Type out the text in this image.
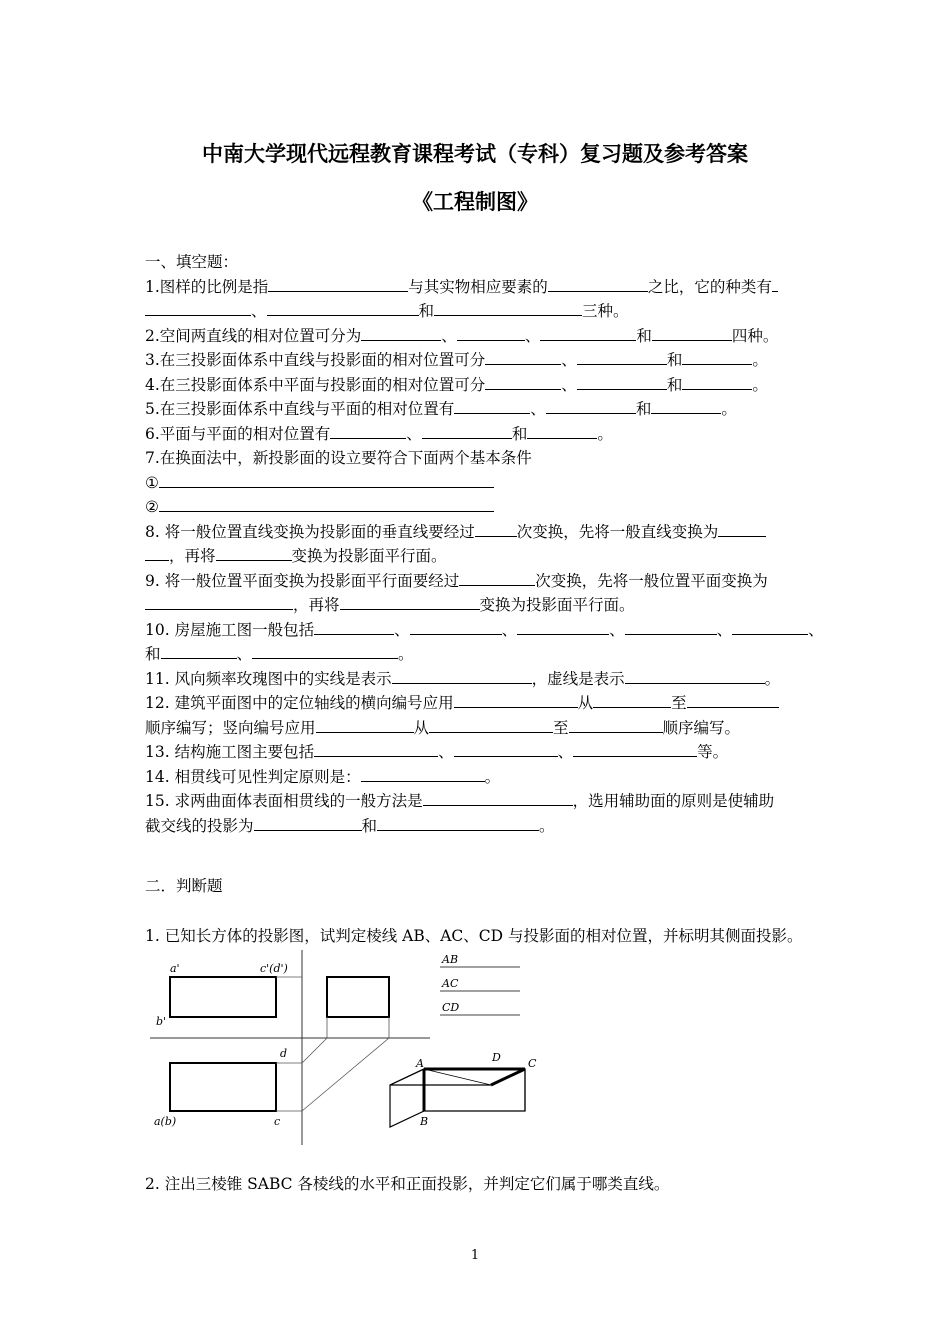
中南大学现代远程教育课程考试（专科）复习题及参考答案
《工程制图》
一、填空题：
1.图样的比例是指	与其实物相应要素的	之比，它的种类有
、	和	三种。
2.空间两直线的相对位置可分为	、	、	和	四种。
3.在三投影面体系中直线与投影面的相对位置可分	、	和	。
4.在三投影面体系中平面与投影面的相对位置可分	、	和	。
5.在三投影面体系中直线与平面的相对位置有	、	和	。
6.平面与平面的相对位置有	、	和	。
7.在换面法中，新投影面的设立要符合下面两个基本条件
①
②
8. 将一般位置直线变换为投影面的垂直线要经过	次变换，先将一般直线变换为
，再将	变换为投影面平行面。
9. 将一般位置平面变换为投影面平行面要经过	次变换，先将一般位置平面变换为
，再将	变换为投影面平行面。
10. 房屋施工图一般包括	、	、	、	、	、
和	、	。
11. 风向频率玫瑰图中的实线是表示	，虚线是表示	。
12. 建筑平面图中的定位轴线的横向编号应用	从	至
顺序编写；竖向编号应用	从	至	顺序编写。
13. 结构施工图主要包括	、	、	等。
14. 相贯线可见性判定原则是：	。
15. 求两曲面体表面相贯线的一般方法是	，选用辅助面的原则是使辅助
截交线的投影为	和	。
二．判断题
1. 已知长方体的投影图，试判定棱线 AB、AC、CD 与投影面的相对位置，并标明其侧面投影。
a'	c'(d')
b'
d
a(b)	c
AB
AC
CD
A
B
C
D
2. 注出三棱锥 SABC 各棱线的水平和正面投影，并判定它们属于哪类直线。
1
